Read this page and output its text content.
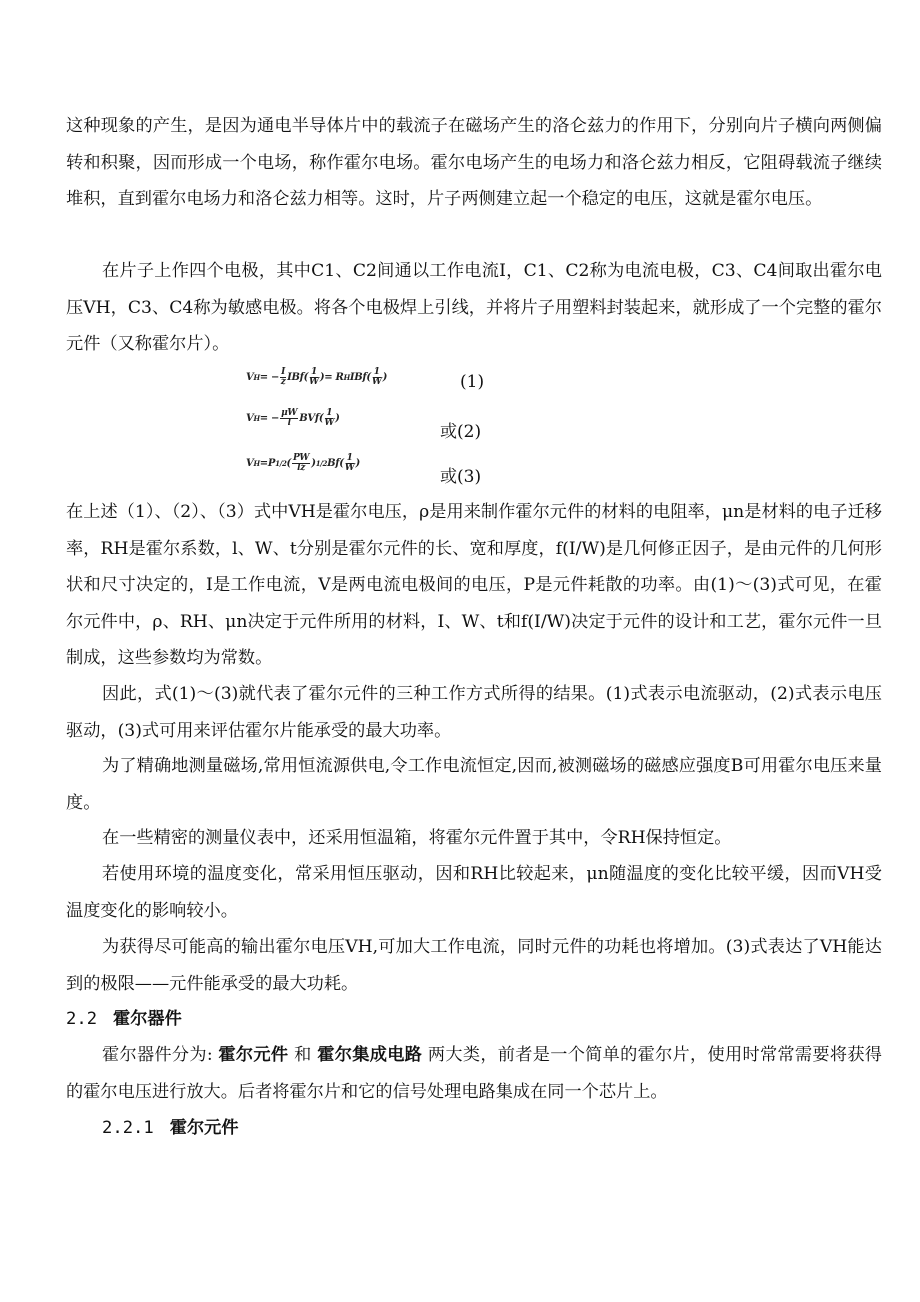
这种现象的产生，是因为通电半导体片中的载流子在磁场产生的洛仑兹力的作用下，分别向片子横向两侧偏转和积聚，因而形成一个电场，称作霍尔电场。霍尔电场产生的电场力和洛仑兹力相反，它阻碍载流子继续堆积，直到霍尔电场力和洛仑兹力相等。这时，片子两侧建立起一个稳定的电压，这就是霍尔电压。

在片子上作四个电极，其中C1、C2间通以工作电流I，C1、C2称为电流电极，C3、C4间取出霍尔电压VH，C3、C4称为敏感电极。将各个电极焊上引线，并将片子用塑料封装起来，就形成了一个完整的霍尔元件（又称霍尔片）。

V H = − $\frac{I}{z}$ IB $f( \frac{1}{W}$ ) = R H IB $f( \frac{1}{W}$ )	(1)
V H = − $\frac{\mu W}{l}$ BV $f( \frac{1}{W}$ )
或(2)
V H = P 1/2 ( $\frac{PW}{lz}$ ) 1/2 B $f( \frac{1}{W}$ )
或(3)

在上述（1）、（2）、（3）式中VH是霍尔电压，ρ是用来制作霍尔元件的材料的电阻率，μn是材料的电子迁移率，RH是霍尔系数，l、W、t分别是霍尔元件的长、宽和厚度，f(I/W)是几何修正因子，是由元件的几何形状和尺寸决定的，I是工作电流，V是两电流电极间的电压，P是元件耗散的功率。由(1)～(3)式可见，在霍尔元件中，ρ、RH、μn决定于元件所用的材料，I、W、t和f(I/W)决定于元件的设计和工艺，霍尔元件一旦制成，这些参数均为常数。

因此，式(1)～(3)就代表了霍尔元件的三种工作方式所得的结果。(1)式表示电流驱动，(2)式表示电压驱动，(3)式可用来评估霍尔片能承受的最大功率。

为了精确地测量磁场,常用恒流源供电,令工作电流恒定,因而,被测磁场的磁感应强度B可用霍尔电压来量度。

在一些精密的测量仪表中，还采用恒温箱，将霍尔元件置于其中，令RH保持恒定。

若使用环境的温度变化，常采用恒压驱动，因和RH比较起来，μn随温度的变化比较平缓，因而VH受温度变化的影响较小。

为获得尽可能高的输出霍尔电压VH,可加大工作电流，同时元件的功耗也将增加。(3)式表达了VH能达到的极限——元件能承受的最大功耗。

2.2 霍尔器件

霍尔器件分为: 霍尔元件 和 霍尔集成电路 两大类，前者是一个简单的霍尔片，使用时常常需要将获得的霍尔电压进行放大。后者将霍尔片和它的信号处理电路集成在同一个芯片上。

2.2.1 霍尔元件
